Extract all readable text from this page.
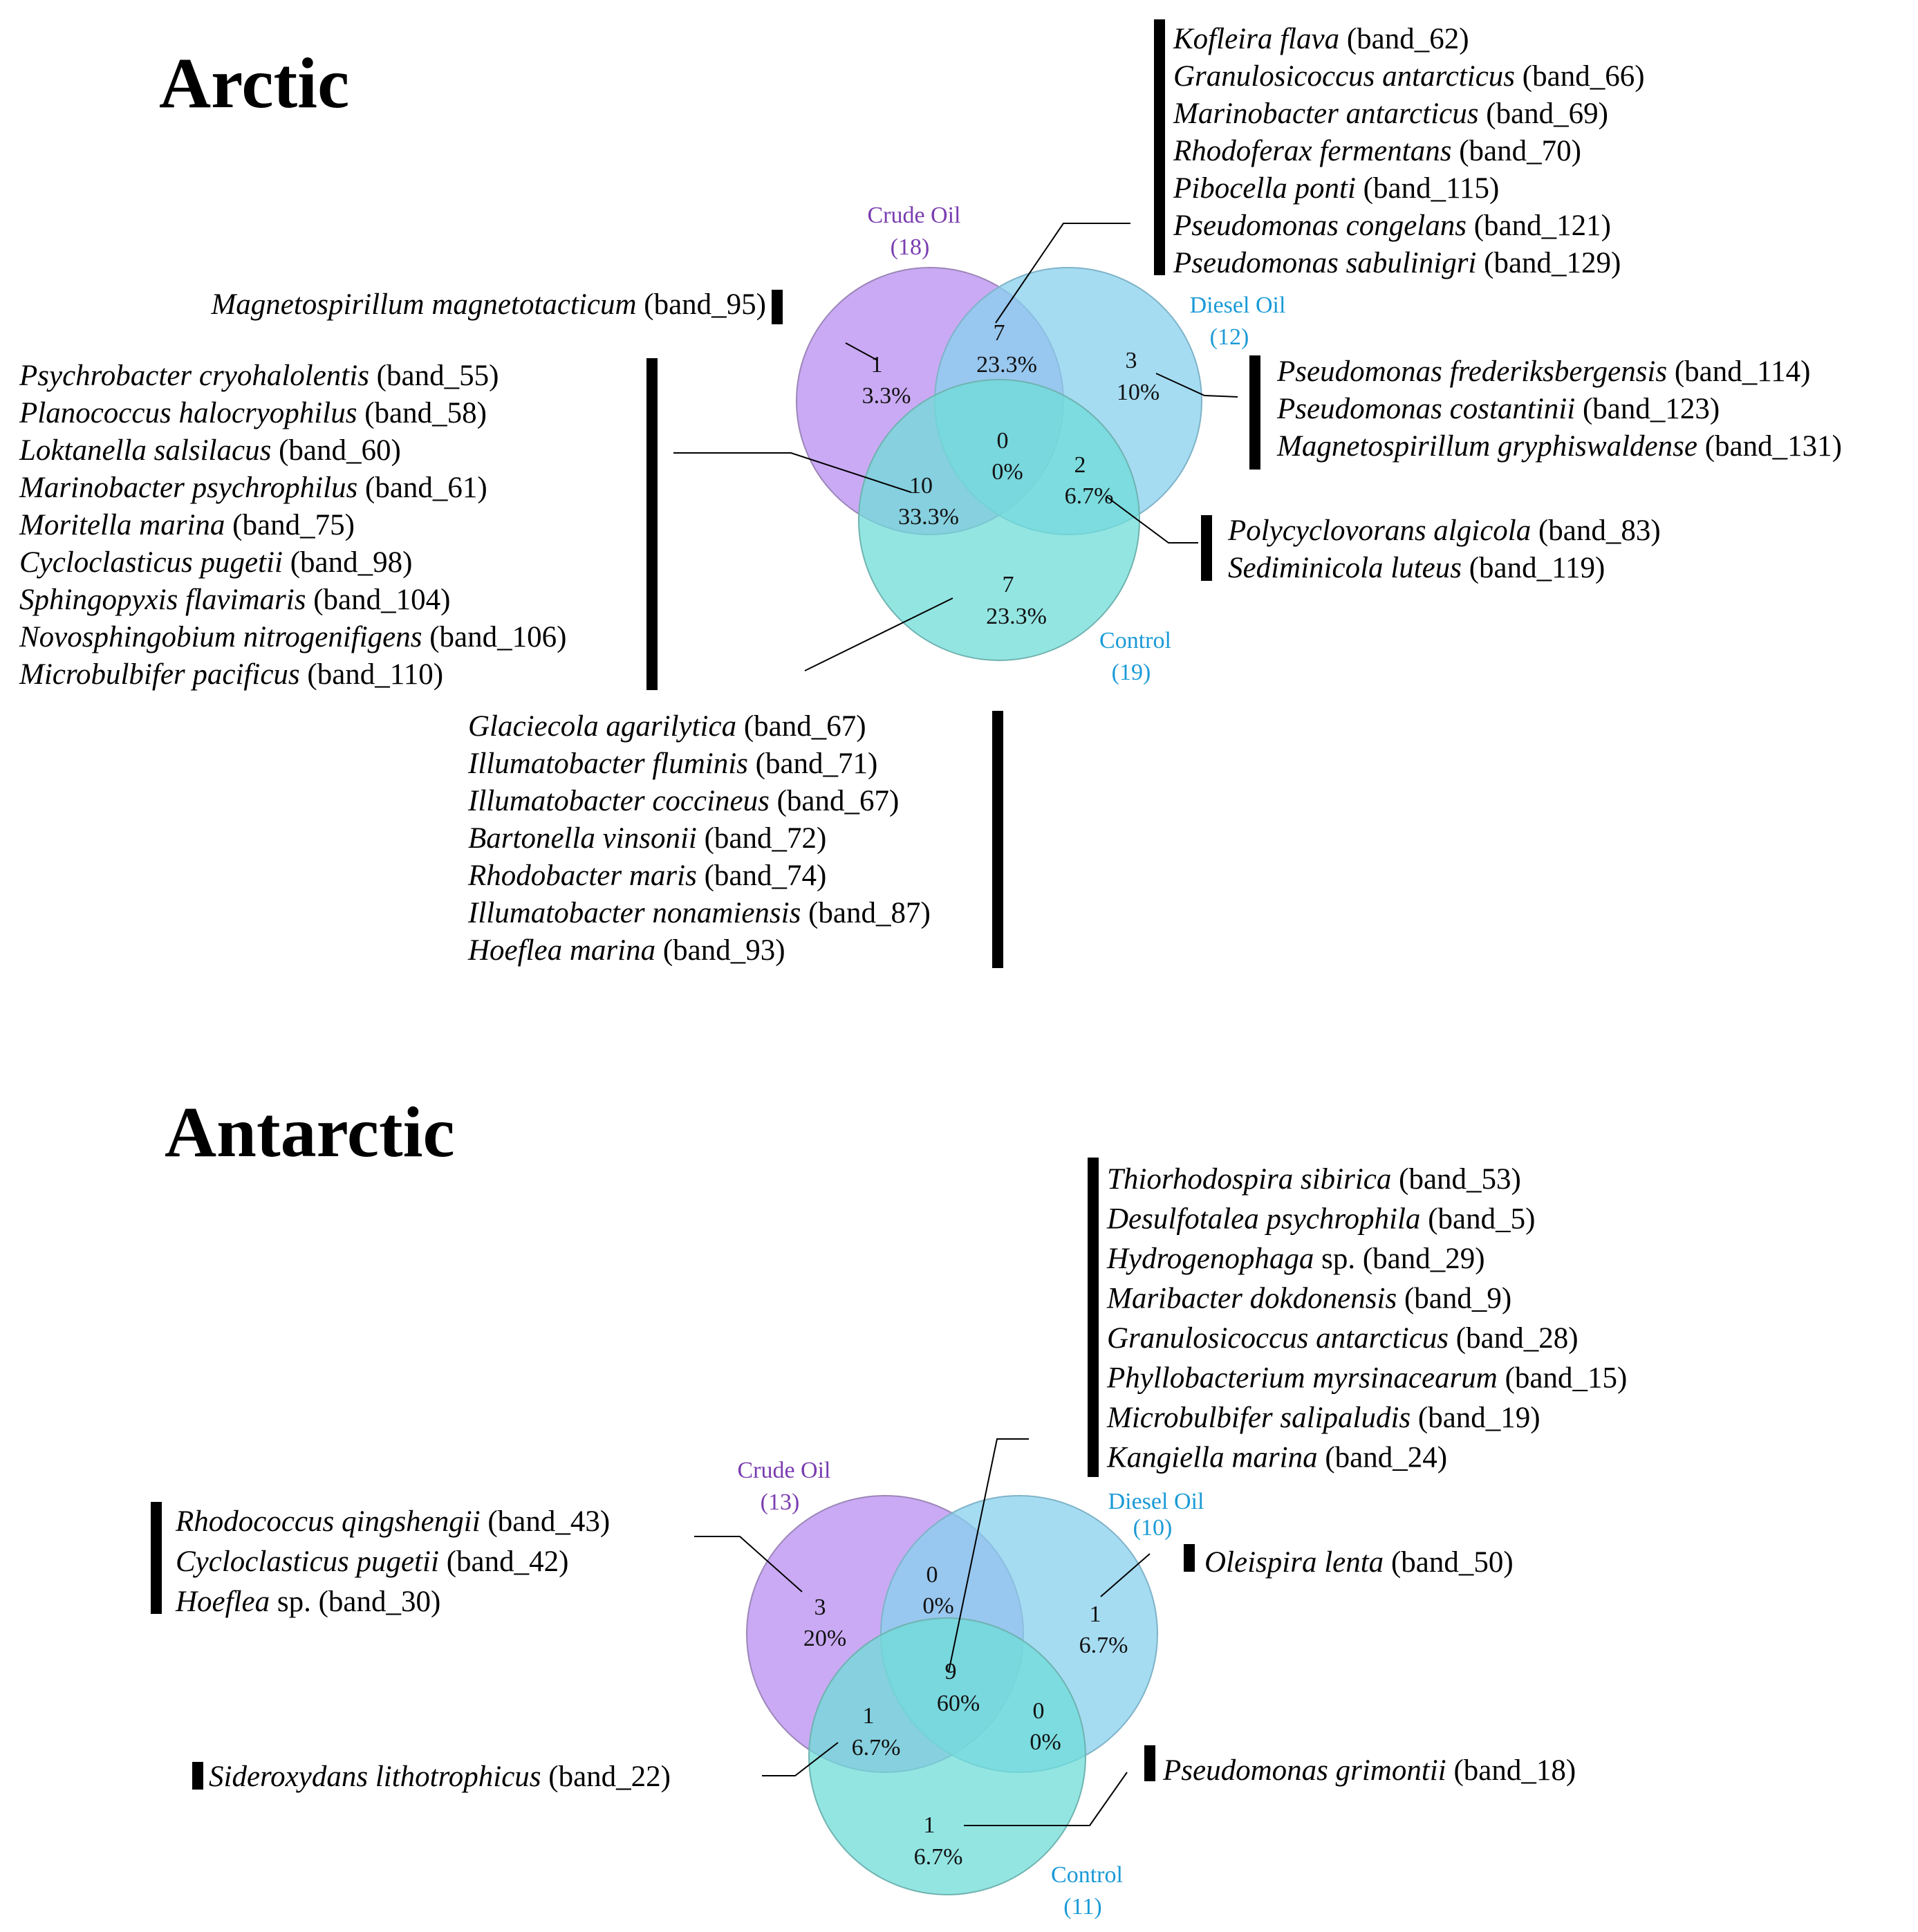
Arctic
Crude Oil
(18)
Diesel Oil
(12)
Control
(19)
1
3.3%
7
23.3%	3
10%
0
0%
10
33.3%
2
6.7%
7
23.3%
Kofleira flava (band_62)
Granulosicoccus antarcticus (band_66)
Marinobacter antarcticus (band_69)
Rhodoferax fermentans (band_70)
Pibocella ponti (band_115)
Pseudomonas congelans (band_121)
Pseudomonas sabulinigri (band_129)
Magnetospirillum magnetotacticum (band_95)
Psychrobacter cryohalolentis (band_55)
Planococcus halocryophilus (band_58)
Loktanella salsilacus (band_60)
Marinobacter psychrophilus (band_61)
Moritella marina (band_75)
Cycloclasticus pugetii (band_98)
Sphingopyxis flavimaris (band_104)
Novosphingobium nitrogenifigens (band_106)
Microbulbifer pacificus (band_110)
Pseudomonas frederiksbergensis (band_114)
Pseudomonas costantinii (band_123)
Magnetospirillum gryphiswaldense (band_131)
Polycyclovorans algicola (band_83)
Sediminicola luteus (band_119)
Glaciecola agarilytica (band_67)
Illumatobacter fluminis (band_71)
Illumatobacter coccineus (band_67)
Bartonella vinsonii (band_72)
Rhodobacter maris (band_74)
Illumatobacter nonamiensis (band_87)
Hoeflea marina (band_93)
Antarctic
Crude Oil
(13)	Diesel Oil
(10)
Control
(11)
3
20%
0
0%	1
6.7%
9
60%
1
6.7%
0
0%
1
6.7%
Thiorhodospira sibirica (band_53)
Desulfotalea psychrophila (band_5)
Hydrogenophaga sp. (band_29)
Maribacter dokdonensis (band_9)
Granulosicoccus antarcticus (band_28)
Phyllobacterium myrsinacearum (band_15)
Microbulbifer salipaludis (band_19)
Kangiella marina (band_24)
Rhodococcus qingshengii (band_43)
Cycloclasticus pugetii (band_42)
Hoeflea sp. (band_30)
Oleispira lenta (band_50)
Sideroxydans lithotrophicus (band_22)	Pseudomonas grimontii (band_18)
